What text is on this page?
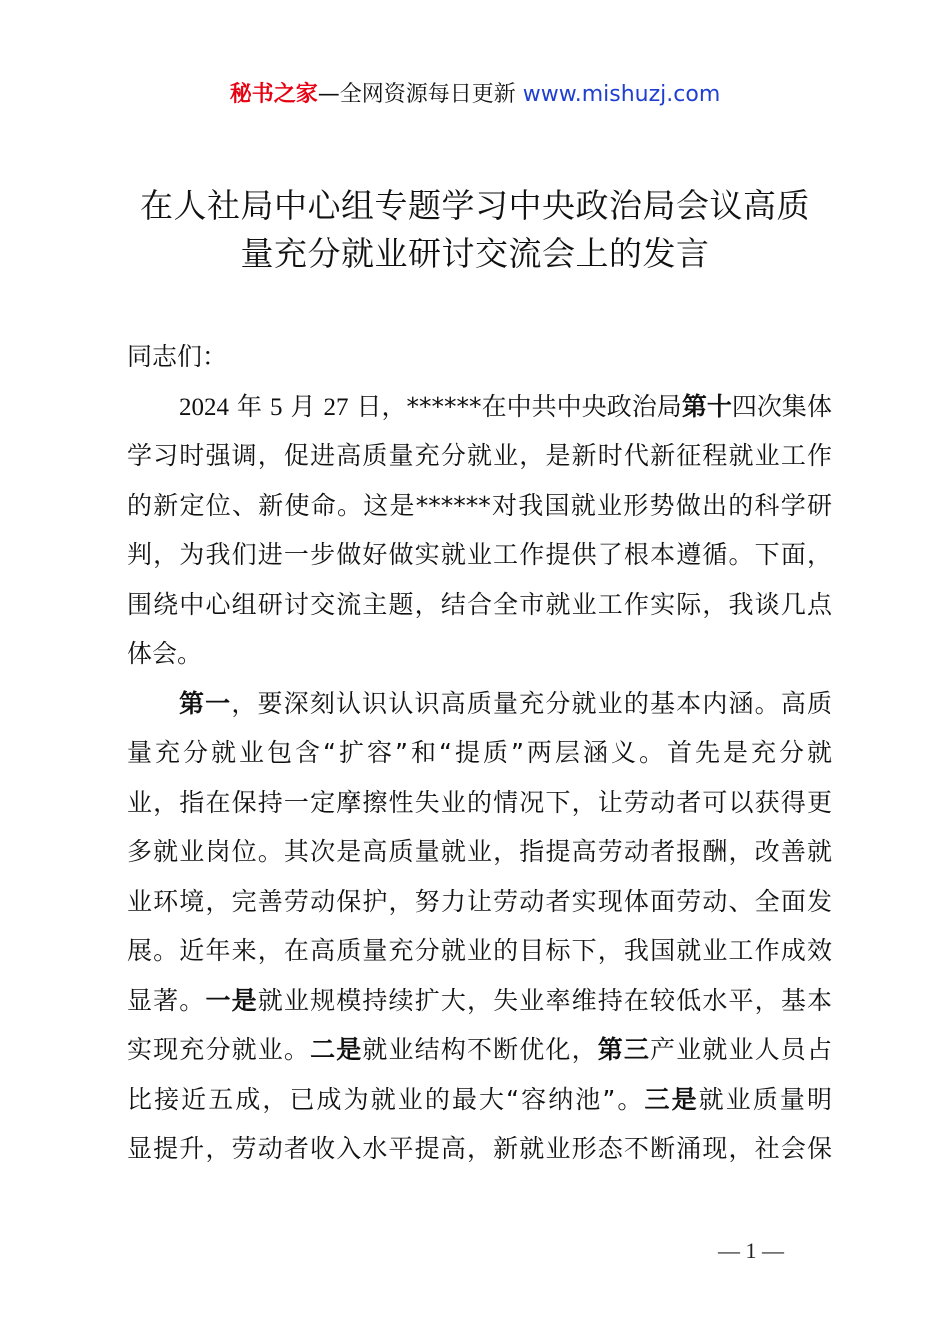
秘书之家—全网资源每日更新 www.mishuzj.com
在人社局中心组专题学习中央政治局会议高质
量充分就业研讨交流会上的发言
同志们：
2024 年 5 月 27 日，******在中共中央政治局第十四次集体
学习时强调，促进高质量充分就业，是新时代新征程就业工作
的新定位、新使命。这是******对我国就业形势做出的科学研
判，为我们进一步做好做实就业工作提供了根本遵循。下面，
围绕中心组研讨交流主题，结合全市就业工作实际，我谈几点
体会。
第一，要深刻认识认识高质量充分就业的基本内涵。高质
量充分就业包含“扩容”和“提质”两层涵义。首先是充分就
业，指在保持一定摩擦性失业的情况下，让劳动者可以获得更
多就业岗位。其次是高质量就业，指提高劳动者报酬，改善就
业环境，完善劳动保护，努力让劳动者实现体面劳动、全面发
展。近年来，在高质量充分就业的目标下，我国就业工作成效
显著。一是就业规模持续扩大，失业率维持在较低水平，基本
实现充分就业。二是就业结构不断优化，第三产业就业人员占
比接近五成，已成为就业的最大“容纳池”。三是就业质量明
显提升，劳动者收入水平提高，新就业形态不断涌现，社会保
— 1 —
